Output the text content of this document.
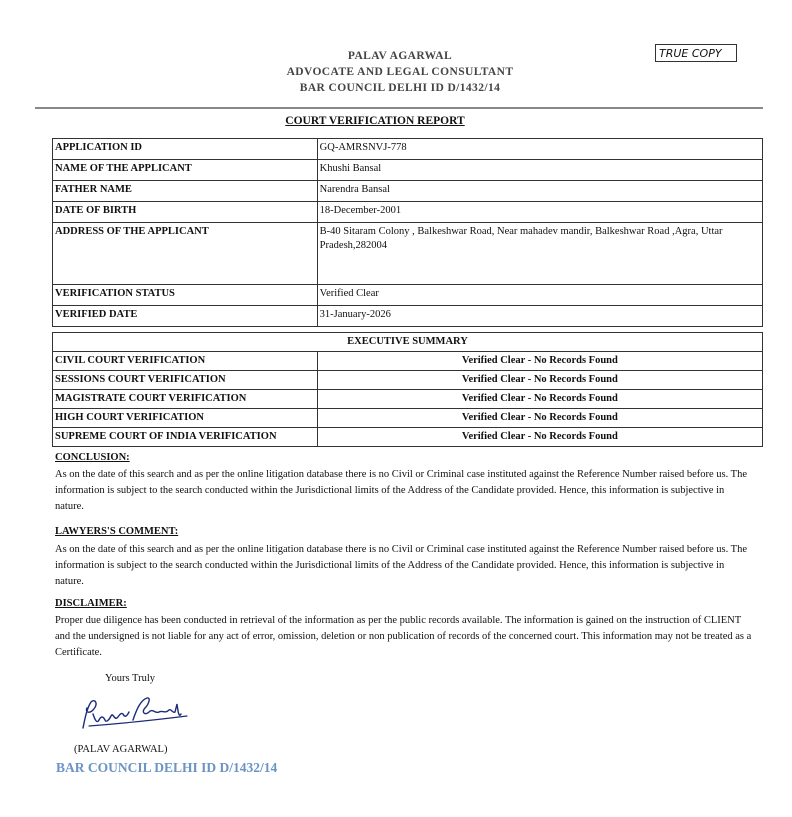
PALAV AGARWAL
ADVOCATE AND LEGAL CONSULTANT
BAR COUNCIL DELHI ID D/1432/14
TRUE COPY
COURT VERIFICATION REPORT
APPLICATION ID	GQ-AMRSNVJ-778
NAME OF THE APPLICANT	Khushi Bansal
FATHER NAME	Narendra Bansal
DATE OF BIRTH	18-December-2001
ADDRESS OF THE APPLICANT	B-40 Sitaram Colony , Balkeshwar Road, Near mahadev mandir, Balkeshwar Road ,Agra, Uttar Pradesh,282004
VERIFICATION STATUS	Verified Clear
VERIFIED DATE	31-January-2026
EXECUTIVE SUMMARY	
CIVIL COURT VERIFICATION	Verified Clear - No Records Found
SESSIONS COURT VERIFICATION	Verified Clear - No Records Found
MAGISTRATE COURT VERIFICATION	Verified Clear - No Records Found
HIGH COURT VERIFICATION	Verified Clear - No Records Found
SUPREME COURT OF INDIA VERIFICATION	Verified Clear - No Records Found
CONCLUSION:
As on the date of this search and as per the online litigation database there is no Civil or Criminal case instituted against the Reference Number raised before us. The information is subject to the search conducted within the Jurisdictional limits of the Address of the Candidate provided. Hence, this information is subjective in nature.
LAWYERS'S COMMENT:
As on the date of this search and as per the online litigation database there is no Civil or Criminal case instituted against the Reference Number raised before us. The information is subject to the search conducted within the Jurisdictional limits of the Address of the Candidate provided. Hence, this information is subjective in nature.
DISCLAIMER:
Proper due diligence has been conducted in retrieval of the information as per the public records available. The information is gained on the instruction of CLIENT and the undersigned is not liable for any act of error, omission, deletion or non publication of records of the concerned court. This information may not be treated as a Certificate.
Yours Truly
(PALAV AGARWAL)
BAR COUNCIL DELHI ID D/1432/14
